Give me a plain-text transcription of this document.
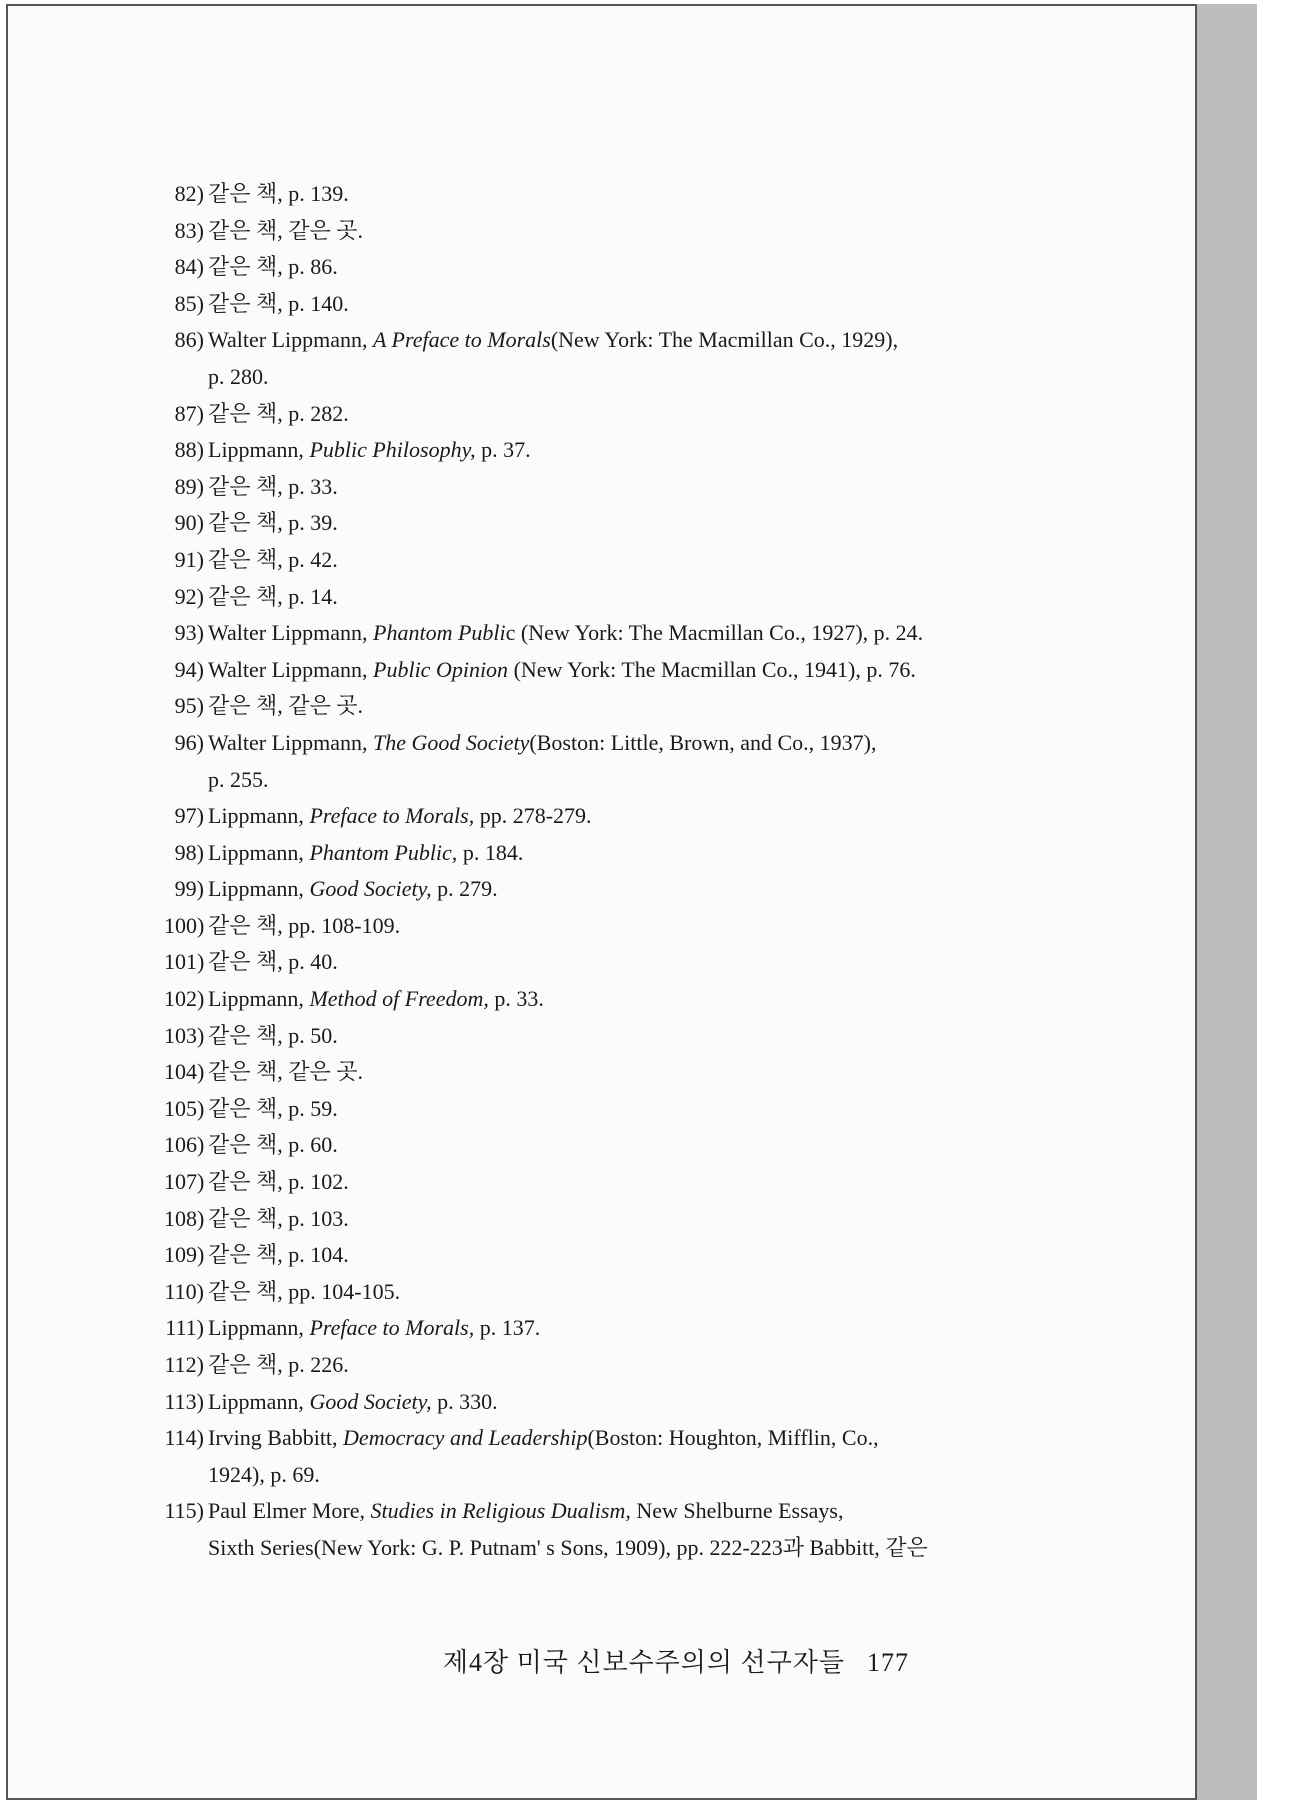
82) 같은 책, p. 139.
83) 같은 책, 같은 곳.
84) 같은 책, p. 86.
85) 같은 책, p. 140.
86) Walter Lippmann, A Preface to Morals(New York: The Macmillan Co., 1929),
p. 280.
87) 같은 책, p. 282.
88) Lippmann, Public Philosophy, p. 37.
89) 같은 책, p. 33.
90) 같은 책, p. 39.
91) 같은 책, p. 42.
92) 같은 책, p. 14.
93) Walter Lippmann, Phantom Public (New York: The Macmillan Co., 1927), p. 24.
94) Walter Lippmann, Public Opinion (New York: The Macmillan Co., 1941), p. 76.
95) 같은 책, 같은 곳.
96) Walter Lippmann, The Good Society(Boston: Little, Brown, and Co., 1937),
p. 255.
97) Lippmann, Preface to Morals, pp. 278-279.
98) Lippmann, Phantom Public, p. 184.
99) Lippmann, Good Society, p. 279.
100) 같은 책, pp. 108-109.
101) 같은 책, p. 40.
102) Lippmann, Method of Freedom, p. 33.
103) 같은 책, p. 50.
104) 같은 책, 같은 곳.
105) 같은 책, p. 59.
106) 같은 책, p. 60.
107) 같은 책, p. 102.
108) 같은 책, p. 103.
109) 같은 책, p. 104.
110) 같은 책, pp. 104-105.
111) Lippmann, Preface to Morals, p. 137.
112) 같은 책, p. 226.
113) Lippmann, Good Society, p. 330.
114) Irving Babbitt, Democracy and Leadership(Boston: Houghton, Mifflin, Co.,
1924), p. 69.
115) Paul Elmer More, Studies in Religious Dualism, New Shelburne Essays,
Sixth Series(New York: G. P. Putnam' s Sons, 1909), pp. 222-223과 Babbitt, 같은
제4장 미국 신보수주의의 선구자들 177
